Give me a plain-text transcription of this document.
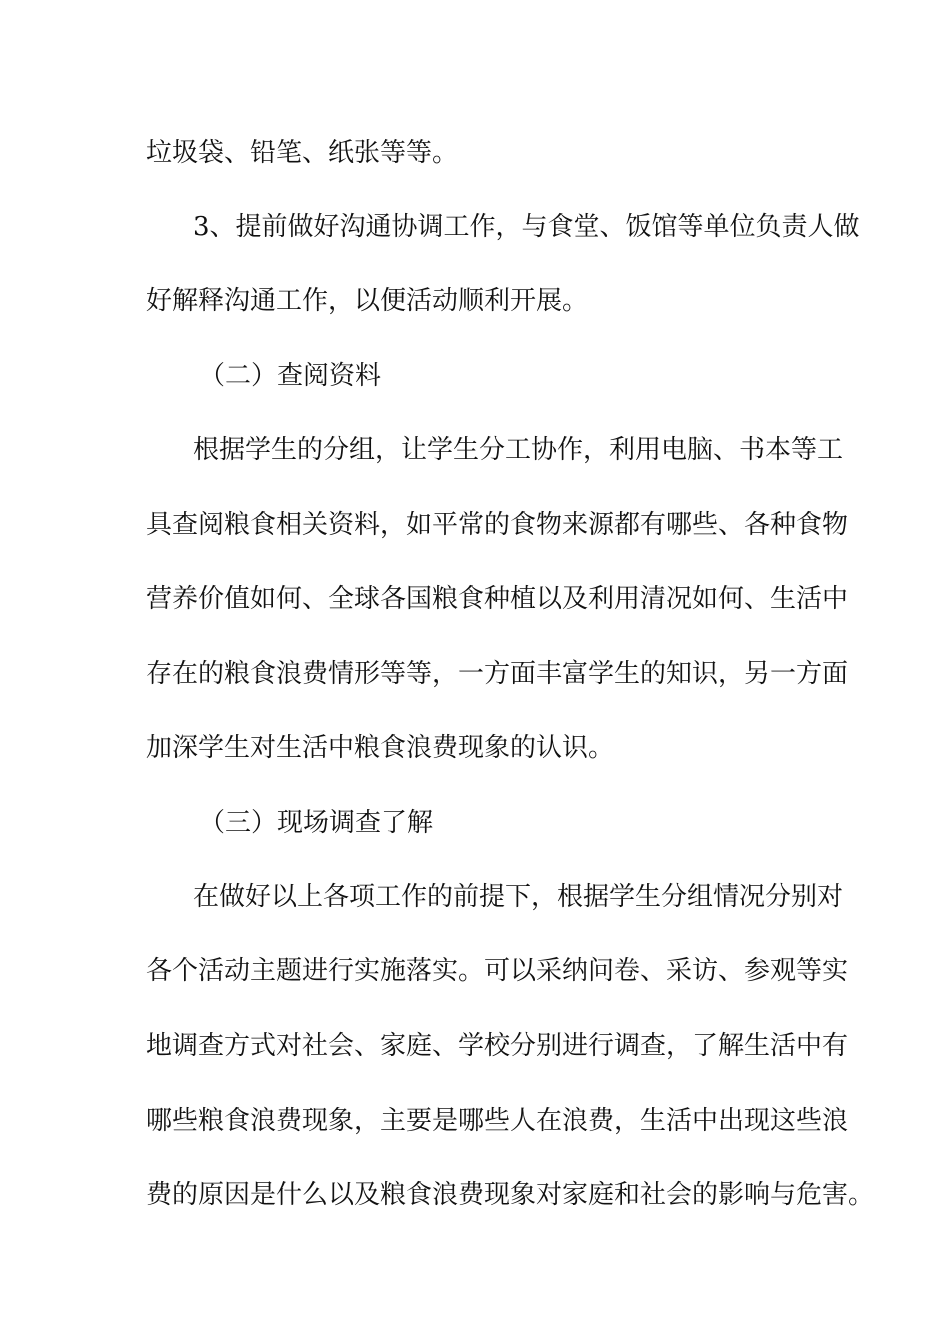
垃圾袋、铅笔、纸张等等。
3、提前做好沟通协调工作，与食堂、饭馆等单位负责人做
好解释沟通工作，以便活动顺利开展。
（二）查阅资料
根据学生的分组，让学生分工协作，利用电脑、书本等工
具查阅粮食相关资料，如平常的食物来源都有哪些、各种食物
营养价值如何、全球各国粮食种植以及利用清况如何、生活中
存在的粮食浪费情形等等，一方面丰富学生的知识，另一方面
加深学生对生活中粮食浪费现象的认识。
（三）现场调查了解
在做好以上各项工作的前提下，根据学生分组情况分别对
各个活动主题进行实施落实。可以采纳问卷、采访、参观等实
地调查方式对社会、家庭、学校分别进行调查，了解生活中有
哪些粮食浪费现象，主要是哪些人在浪费，生活中出现这些浪
费的原因是什么以及粮食浪费现象对家庭和社会的影响与危害。
